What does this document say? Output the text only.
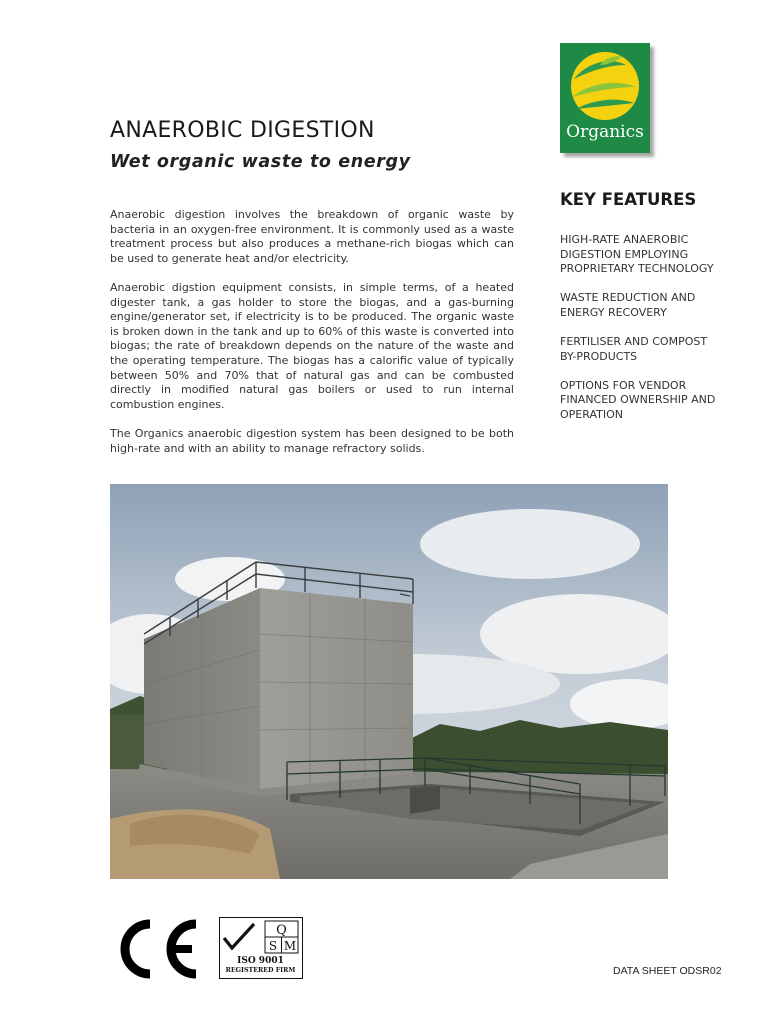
Organics
ANAEROBIC DIGESTION
Wet organic waste to energy

Anaerobic digestion involves the breakdown of organic waste by bacteria in an oxygen-free environment. It is commonly used as a waste treatment process but also produces a methane-rich biogas which can be used to generate heat and/or electricity.

Anaerobic digstion equipment consists, in simple terms, of a heated digester tank, a gas holder to store the biogas, and a gas-burning engine/generator set, if electricity is to be produced. The organic waste is broken down in the tank and up to 60% of this waste is converted into biogas; the rate of breakdown depends on the nature of the waste and the operating temperature. The biogas has a calorific value of typically between 50% and 70% that of natural gas and can be combusted directly in modified natural gas boilers or used to run internal combustion engines.

The Organics anaerobic digestion system has been designed to be both high-rate and with an ability to manage refractory solids.

KEY FEATURES
HIGH-RATE ANAEROBIC
DIGESTION EMPLOYING
PROPRIETARY TECHNOLOGY
WASTE REDUCTION AND
ENERGY RECOVERY
FERTILISER AND COMPOST
BY-PRODUCTS
OPTIONS FOR VENDOR
FINANCED OWNERSHIP AND
OPERATION
Q
S M
ISO 9001
REGISTERED FIRM	DATA SHEET ODSR02
